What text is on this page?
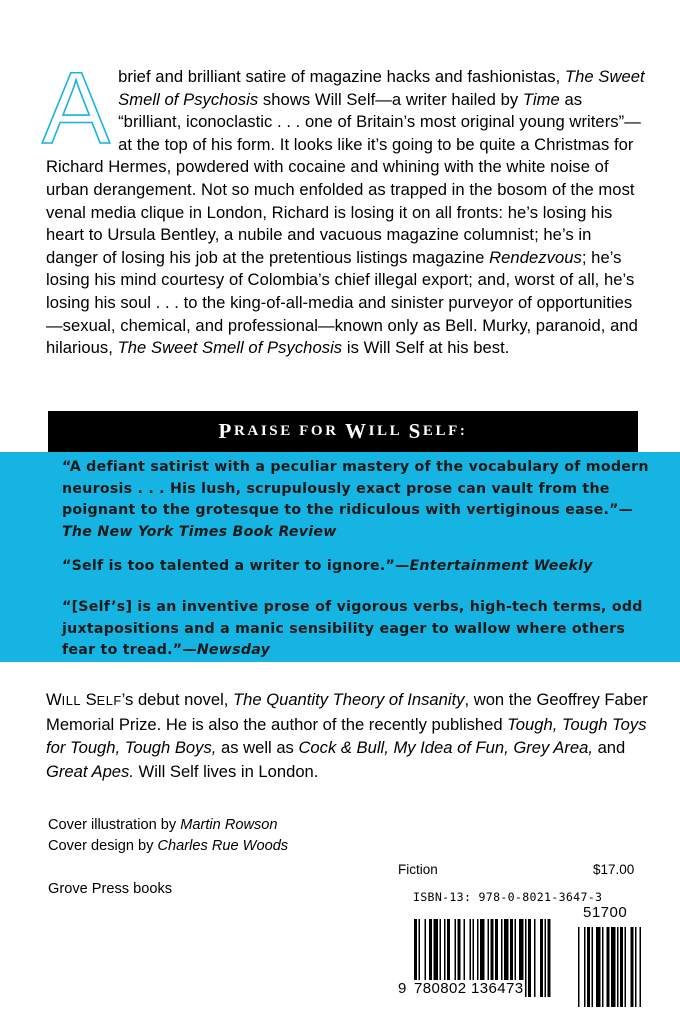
Abrief and brilliant satire of magazine hacks and fashionistas, The Sweet Smell of Psychosis shows Will Self—a writer hailed by Time as “brilliant, iconoclastic . . . one of Britain’s most original young writers”—at the top of his form. It looks like it’s going to be quite a Christmas for Richard Hermes, powdered with cocaine and whining with the white noise of urban derangement. Not so much enfolded as trapped in the bosom of the most venal media clique in London, Richard is losing it on all fronts: he’s losing his heart to Ursula Bentley, a nubile and vacuous magazine columnist; he’s in danger of losing his job at the pretentious listings magazine Rendezvous; he’s losing his mind courtesy of Colombia’s chief illegal export; and, worst of all, he’s losing his soul . . . to the king-of-all-media and sinister purveyor of opportunities—sexual, chemical, and professional—known only as Bell. Murky, paranoid, and hilarious, The Sweet Smell of Psychosis is Will Self at his best.
P RAISE
FOR
W ILL
S ELF:
“A defiant satirist with a peculiar mastery of the vocabulary of modern neurosis . . . His lush, scrupulously exact prose can vault from the poignant to the grotesque to the ridiculous with vertiginous ease.”—The New York Times Book Review
“Self is too talented a writer to ignore.”—Entertainment Weekly
“[Self’s] is an inventive prose of vigorous verbs, high-tech terms, odd juxtapositions and a manic sensibility eager to wallow where others fear to tread.”—Newsday
WILL SELF’s debut novel, The Quantity Theory of Insanity, won the Geoffrey Faber Memorial Prize. He is also the author of the recently published Tough, Tough Toys for Tough, Tough Boys, as well as Cock & Bull, My Idea of Fun, Grey Area, and Great Apes. Will Self lives in London.
Cover illustration by Martin Rowson
Cover design by Charles Rue Woods
Grove Press books
Fiction	$17.00
ISBN-13: 978-0-8021-3647-3
51700
9 780802 136473
